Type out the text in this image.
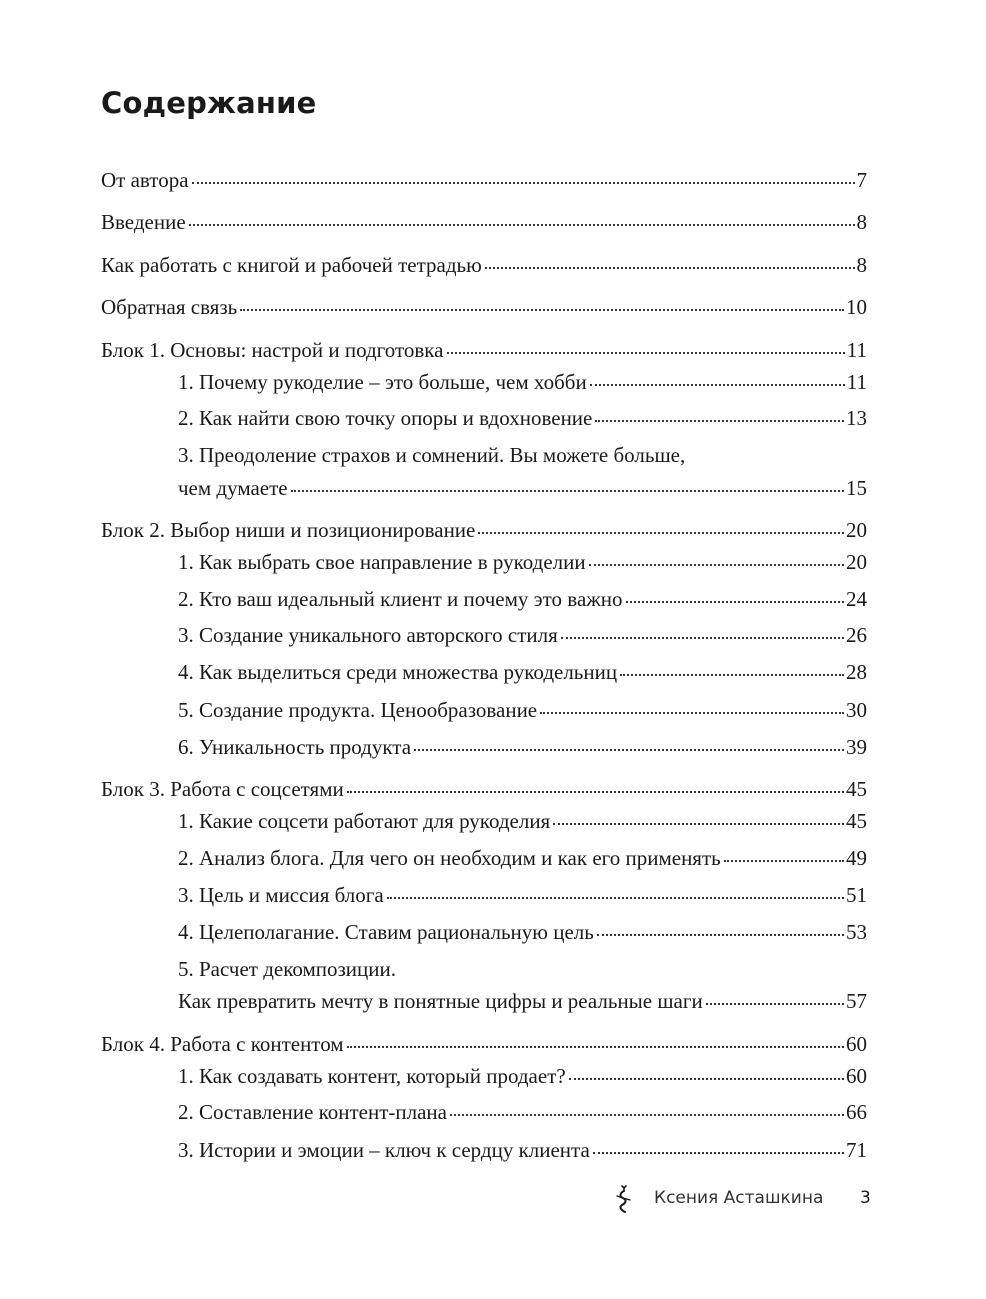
Содержание
От автора	7
Введение	8
Как работать с книгой и рабочей тетрадью	8
Обратная связь	10
Блок 1. Основы: настрой и подготовка	11
1. Почему рукоделие – это больше, чем хобби	11
2. Как найти свою точку опоры и вдохновение	13
3. Преодоление страхов и сомнений. Вы можете больше,
чем думаете	15
Блок 2. Выбор ниши и позиционирование	20
1. Как выбрать свое направление в рукоделии	20
2. Кто ваш идеальный клиент и почему это важно	24
3. Создание уникального авторского стиля	26
4. Как выделиться среди множества рукодельниц	28
5. Создание продукта. Ценообразование	30
6. Уникальность продукта	39
Блок 3. Работа с соцсетями	45
1. Какие соцсети работают для рукоделия	45
2. Анализ блога. Для чего он необходим и как его применять	49
3. Цель и миссия блога	51
4. Целеполагание. Ставим рациональную цель	53
5. Расчет декомпозиции.
Как превратить мечту в понятные цифры и реальные шаги	57
Блок 4. Работа с контентом	60
1. Как создавать контент, который продает?	60
2. Составление контент-плана	66
3. Истории и эмоции – ключ к сердцу клиента	71
Ксения Асташкина 3
